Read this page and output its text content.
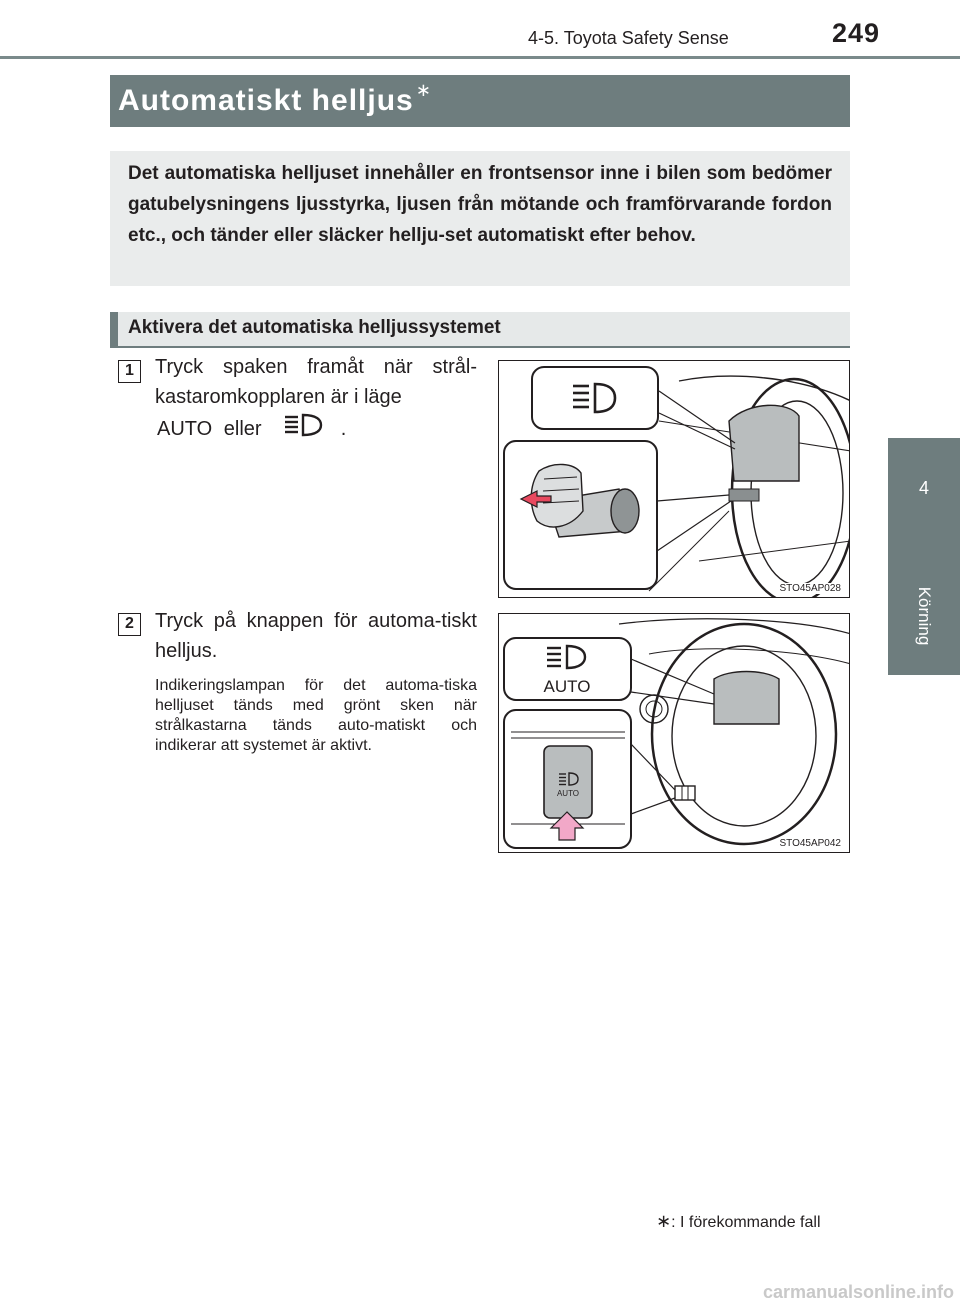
4-5. Toyota Safety Sense	249
4
Körning
Automatiskt helljus ∗

Det automatiska helljuset innehåller en frontsensor inne i bilen som bedömer gatubelysningens ljusstyrka, ljusen från mötande och framförvarande fordon etc., och tänder eller släcker hellju-set automatiskt efter behov.

Aktivera det automatiska helljussystemet
1	Tryck spaken framåt när strål-kastaromkopplaren är i läge
AUTO eller	.
STO45AP028
2	Tryck på knappen för automa-tiskt helljus.
Indikeringslampan för det automa-tiska helljuset tänds med grönt sken när strålkastarna tänds auto-matiskt och indikerar att systemet är aktivt.
AUTO
AUTO
STO45AP042
∗: I förekommande fall
carmanualsonline.info
